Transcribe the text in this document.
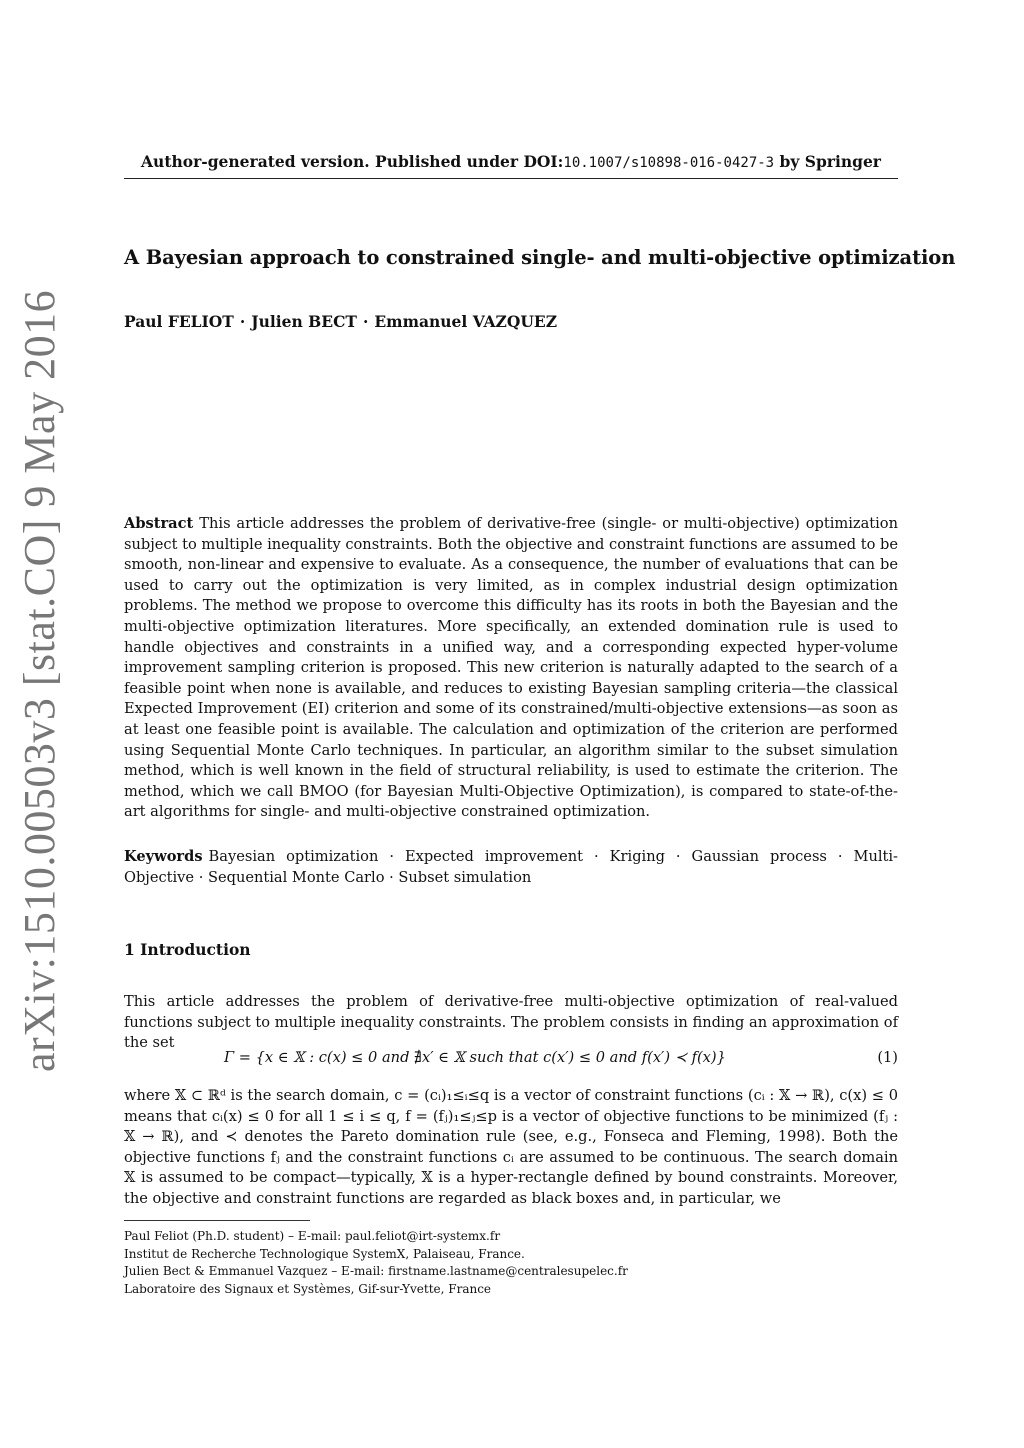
Author-generated version. Published under DOI:10.1007/s10898-016-0427-3 by Springer
A Bayesian approach to constrained single- and multi-objective optimization
Paul FELIOT · Julien BECT · Emmanuel VAZQUEZ
arXiv:1510.00503v3 [stat.CO] 9 May 2016	Abstract This article addresses the problem of derivative-free (single- or multi-objective) optimization subject to multiple inequality constraints. Both the objective and constraint functions are assumed to be smooth, non-linear and expensive to evaluate. As a consequence, the number of evaluations that can be used to carry out the optimization is very limited, as in complex industrial design optimization problems. The method we propose to overcome this difficulty has its roots in both the Bayesian and the multi-objective optimization literatures. More specifically, an extended domination rule is used to handle objectives and constraints in a unified way, and a corresponding expected hyper-volume improvement sampling criterion is proposed. This new criterion is naturally adapted to the search of a feasible point when none is available, and reduces to existing Bayesian sampling criteria—the classical Expected Improvement (EI) criterion and some of its constrained/multi-objective extensions—as soon as at least one feasible point is available. The calculation and optimization of the criterion are performed using Sequential Monte Carlo techniques. In particular, an algorithm similar to the subset simulation method, which is well known in the field of structural reliability, is used to estimate the criterion. The method, which we call BMOO (for Bayesian Multi-Objective Optimization), is compared to state-of-the-art algorithms for single- and multi-objective constrained optimization.
Keywords Bayesian optimization · Expected improvement · Kriging · Gaussian process · Multi-Objective · Sequential Monte Carlo · Subset simulation
1 Introduction
This article addresses the problem of derivative-free multi-objective optimization of real-valued functions subject to multiple inequality constraints. The problem consists in finding an approximation of the set
Γ = {x ∈ 𝕏 : c(x) ≤ 0 and ∄x′ ∈ 𝕏 such that c(x′) ≤ 0 and f(x′) ≺ f(x)}	(1)
where 𝕏 ⊂ ℝᵈ is the search domain, c = (cᵢ)₁≤ᵢ≤q is a vector of constraint functions (cᵢ : 𝕏 → ℝ), c(x) ≤ 0 means that cᵢ(x) ≤ 0 for all 1 ≤ i ≤ q, f = (fⱼ)₁≤ⱼ≤p is a vector of objective functions to be minimized (fⱼ : 𝕏 → ℝ), and ≺ denotes the Pareto domination rule (see, e.g., Fonseca and Fleming, 1998). Both the objective functions fⱼ and the constraint functions cᵢ are assumed to be continuous. The search domain 𝕏 is assumed to be compact—typically, 𝕏 is a hyper-rectangle defined by bound constraints. Moreover, the objective and constraint functions are regarded as black boxes and, in particular, we
Paul Feliot (Ph.D. student) – E-mail: paul.feliot@irt-systemx.fr
Institut de Recherche Technologique SystemX, Palaiseau, France.
Julien Bect & Emmanuel Vazquez – E-mail: firstname.lastname@centralesupelec.fr
Laboratoire des Signaux et Systèmes, Gif-sur-Yvette, France
